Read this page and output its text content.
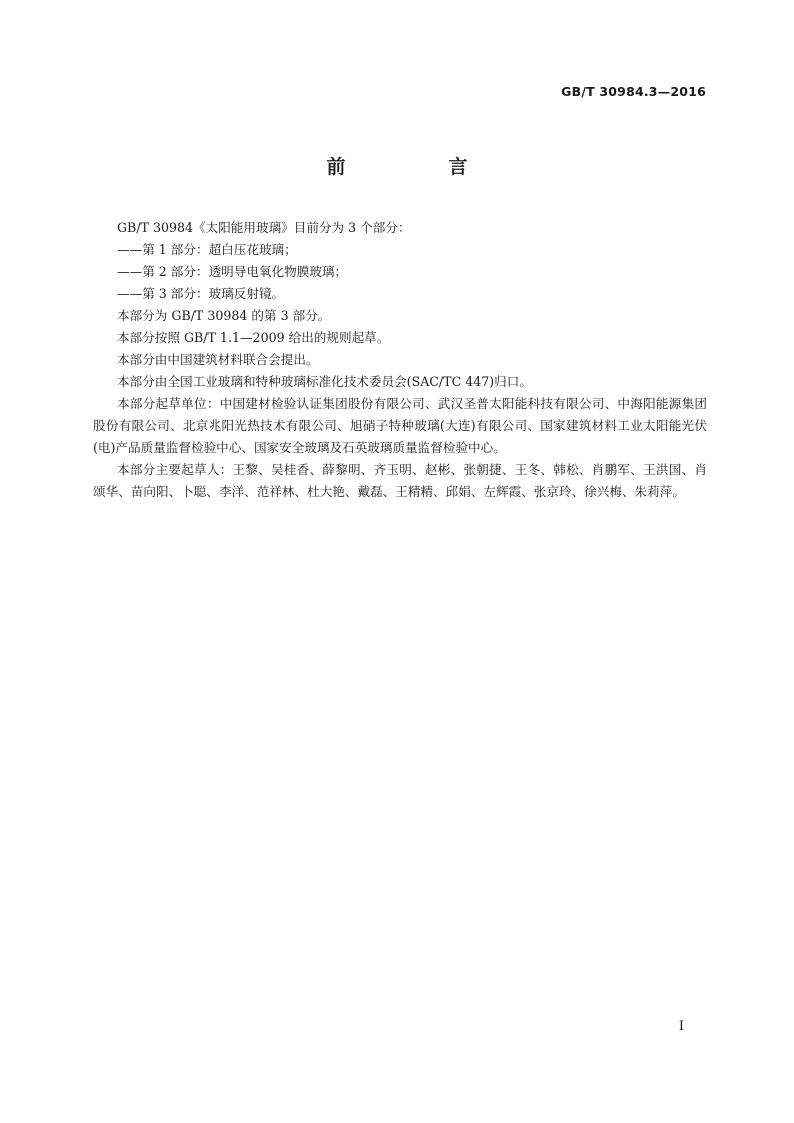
GB/T 30984.3—2016
前　言

GB/T 30984《太阳能用玻璃》目前分为 3 个部分：

——第 1 部分：超白压花玻璃；

——第 2 部分：透明导电氧化物膜玻璃；

——第 3 部分：玻璃反射镜。

本部分为 GB/T 30984 的第 3 部分。

本部分按照 GB/T 1.1—2009 给出的规则起草。

本部分由中国建筑材料联合会提出。

本部分由全国工业玻璃和特种玻璃标准化技术委员会(SAC/TC 447)归口。

本部分起草单位：中国建材检验认证集团股份有限公司、武汉圣普太阳能科技有限公司、中海阳能源集团股份有限公司、北京兆阳光热技术有限公司、旭硝子特种玻璃(大连)有限公司、国家建筑材料工业太阳能光伏(电)产品质量监督检验中心、国家安全玻璃及石英玻璃质量监督检验中心。

本部分主要起草人：王黎、吴桂香、薛黎明、齐玉明、赵彬、张朝捷、王冬、韩松、肖鹏军、王洪国、肖颂华、苗向阳、卜聪、李洋、范祥林、杜大艳、戴磊、王精精、邱娟、左辉霞、张京玲、徐兴梅、朱莉萍。

I
